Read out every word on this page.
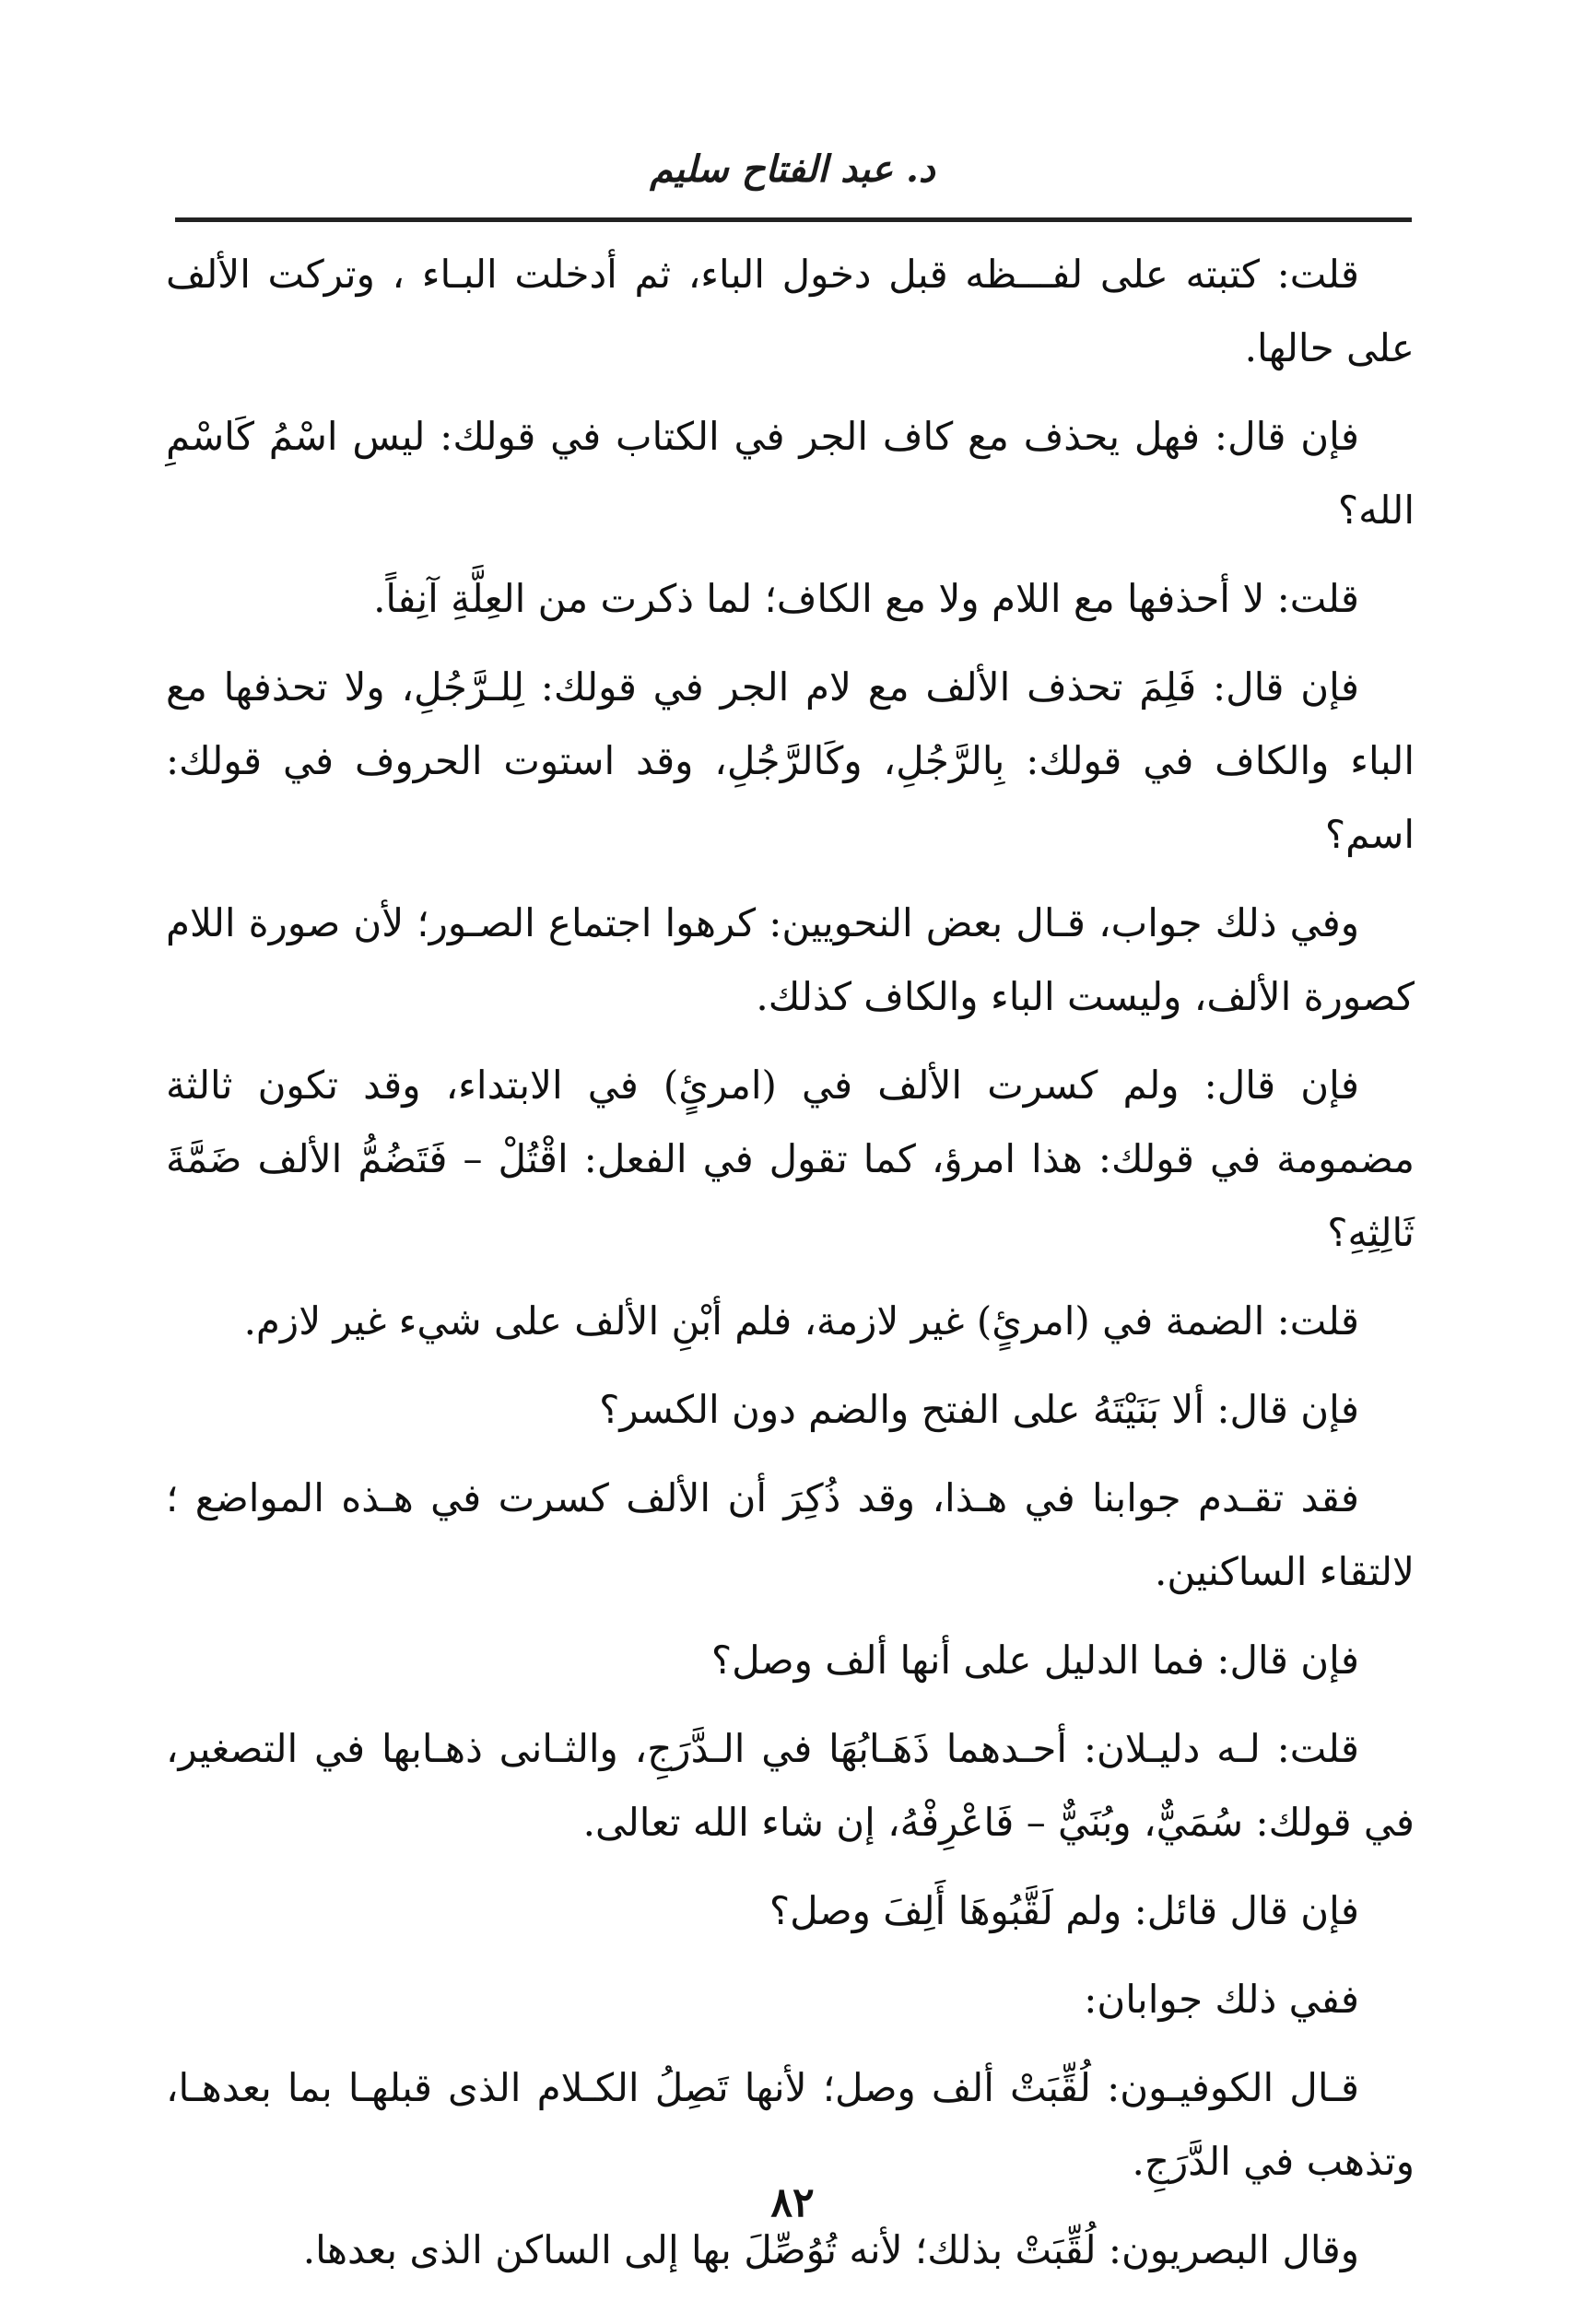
د. عبد الفتاح سليم

قلت: كتبته على لفـــظه قبل دخول الباء، ثم أدخلت البـاء ، وتركت الألف على حالها.

فإن قال: فهل يحذف مع كاف الجر في الكتاب في قولك: ليس اسْمُ كَاسْمِ الله؟

قلت: لا أحذفها مع اللام ولا مع الكاف؛ لما ذكرت من العِلَّةِ آنِفاً.

فإن قال: فَلِمَ تحذف الألف مع لام الجر في قولك: لِلـرَّجُلِ، ولا تحذفها مع الباء والكاف في قولك: بِالرَّجُلِ، وكَالرَّجُلِ، وقد استوت الحروف في قولك: اسم؟

وفي ذلك جواب، قـال بعض النحويين: كرهوا اجتماع الصـور؛ لأن صورة اللام كصورة الألف، وليست الباء والكاف كذلك.

فإن قال: ولم كسرت الألف في (امرئٍ) في الابتداء، وقد تكون ثالثة مضمومة في قولك: هذا امرؤ، كما تقول في الفعل: اقْتُلْ – فَتَضُمُّ الألف ضَمَّةَ ثَالِثِهِ؟

قلت: الضمة في (امرئٍ) غير لازمة، فلم أبْنِ الألف على شيء غير لازم.

فإن قال: ألا بَنَيْتَهُ على الفتح والضم دون الكسر؟

فقد تقـدم جوابنا في هـذا، وقد ذُكِرَ أن الألف كسرت في هـذه المواضع ؛ لالتقاء الساكنين.

فإن قال: فما الدليل على أنها ألف وصل؟

قلت: لـه دليـلان: أحـدهما ذَهَـابُهَا في الـدَّرَجِ، والثـانى ذهـابها في التصغير، في قولك: سُمَيٌّ، وبُنَيٌّ – فَاعْرِفْهُ، إن شاء الله تعالى.

فإن قال قائل: ولم لَقَّبُوهَا أَلِفَ وصل؟

ففي ذلك جوابان:

قـال الكوفيـون: لُقِّبَتْ ألف وصل؛ لأنها تَصِلُ الكـلام الذى قبلهـا بما بعدهـا، وتذهب في الدَّرَجِ.

وقال البصريون: لُقِّبَتْ بذلك؛ لأنه تُوُصِّلَ بها إلى الساكن الذى بعدها.

٨٢
